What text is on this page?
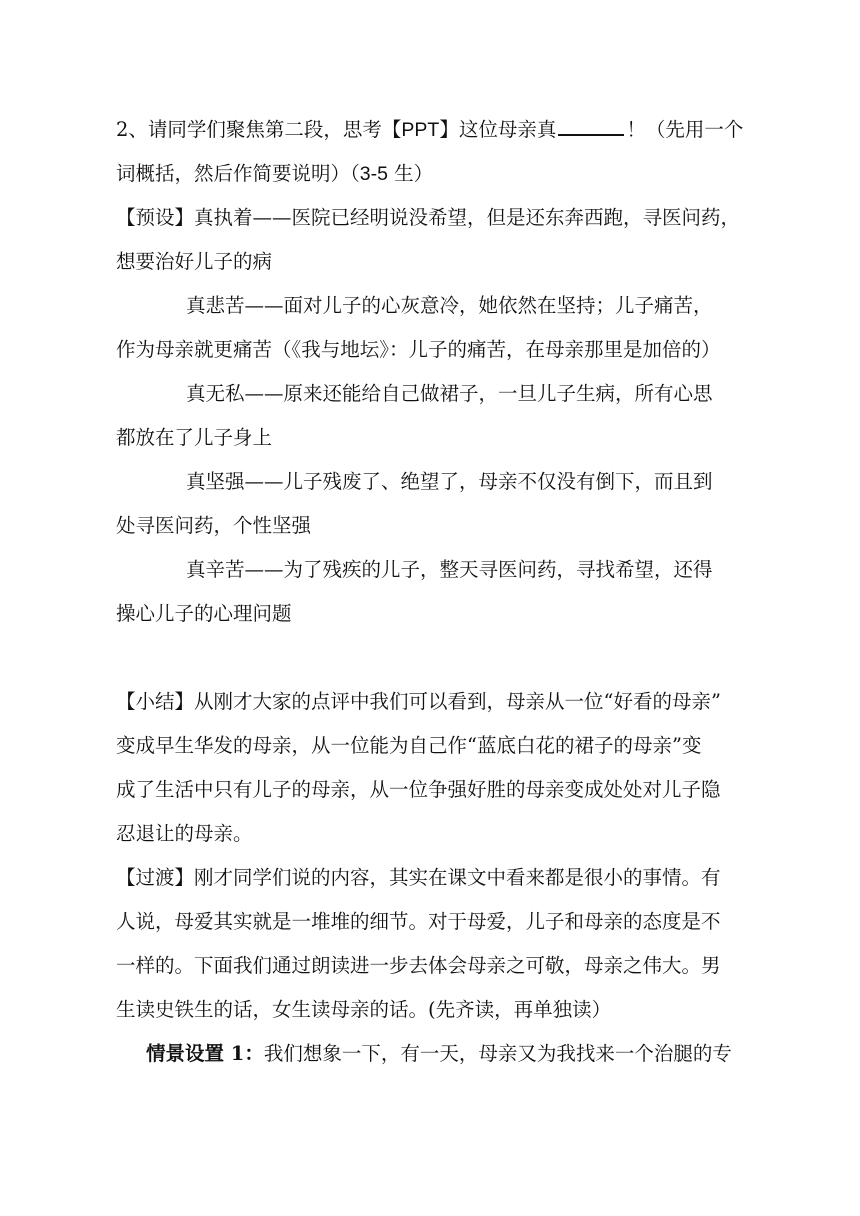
2、请同学们聚焦第二段，思考【PPT】这位母亲真	！（先用一个
词概括，然后作简要说明）（3-5 生）
【预设】真执着——医院已经明说没希望，但是还东奔西跑，寻医问药，
想要治好儿子的病
真悲苦——面对儿子的心灰意冷，她依然在坚持；儿子痛苦，
作为母亲就更痛苦（《我与地坛》：儿子的痛苦，在母亲那里是加倍的）
真无私——原来还能给自己做裙子，一旦儿子生病，所有心思
都放在了儿子身上
真坚强——儿子残废了、绝望了，母亲不仅没有倒下，而且到
处寻医问药，个性坚强
真辛苦——为了残疾的儿子，整天寻医问药，寻找希望，还得
操心儿子的心理问题
【小结】从刚才大家的点评中我们可以看到，母亲从一位“好看的母亲”
变成早生华发的母亲，从一位能为自己作“蓝底白花的裙子的母亲”变
成了生活中只有儿子的母亲，从一位争强好胜的母亲变成处处对儿子隐
忍退让的母亲。
【过渡】刚才同学们说的内容，其实在课文中看来都是很小的事情。有
人说，母爱其实就是一堆堆的细节。对于母爱，儿子和母亲的态度是不
一样的。下面我们通过朗读进一步去体会母亲之可敬，母亲之伟大。男
生读史铁生的话，女生读母亲的话。(先齐读，再单独读）
情景设置 1：我们想象一下，有一天，母亲又为我找来一个治腿的专
